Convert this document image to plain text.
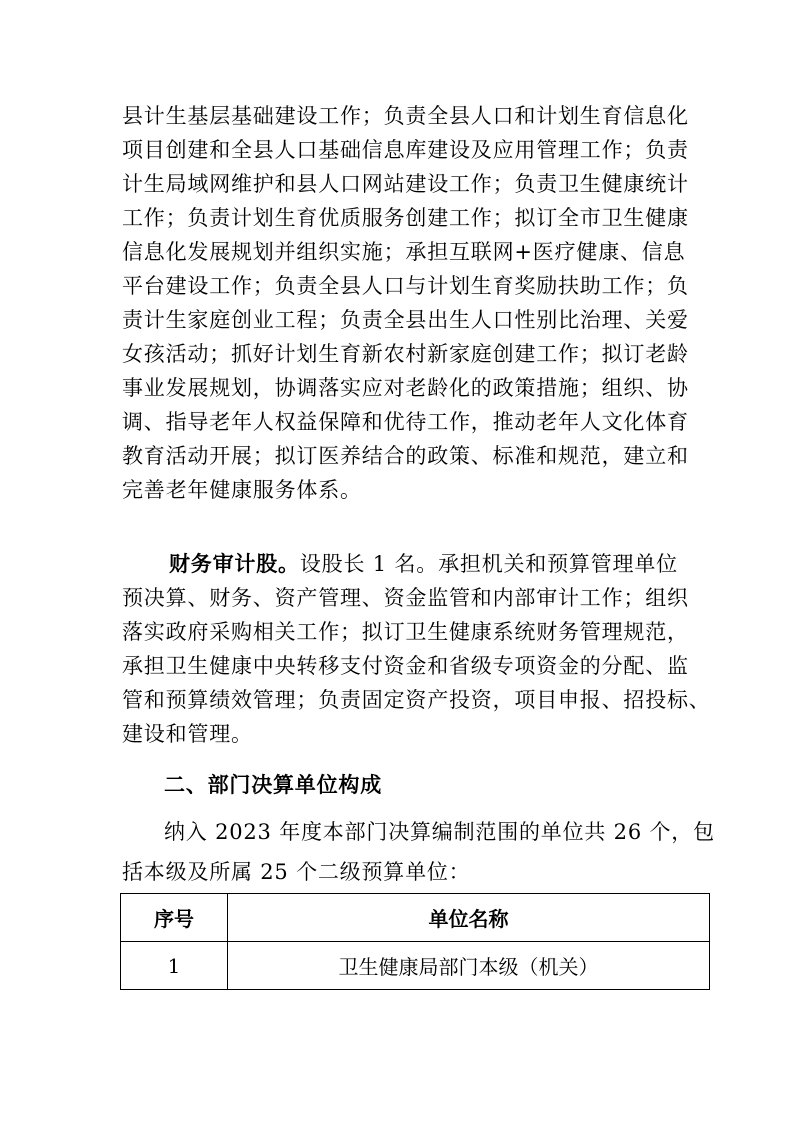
县计生基层基础建设工作；负责全县人口和计划生育信息化
项目创建和全县人口基础信息库建设及应用管理工作；负责
计生局域网维护和县人口网站建设工作；负责卫生健康统计
工作；负责计划生育优质服务创建工作；拟订全市卫生健康
信息化发展规划并组织实施；承担互联网+医疗健康、信息
平台建设工作；负责全县人口与计划生育奖励扶助工作；负
责计生家庭创业工程；负责全县出生人口性别比治理、关爱
女孩活动；抓好计划生育新农村新家庭创建工作；拟订老龄
事业发展规划，协调落实应对老龄化的政策措施；组织、协
调、指导老年人权益保障和优待工作，推动老年人文化体育
教育活动开展；拟订医养结合的政策、标准和规范，建立和
完善老年健康服务体系。
财务审计股。设股长 1 名。承担机关和预算管理单位
预决算、财务、资产管理、资金监管和内部审计工作；组织
落实政府采购相关工作；拟订卫生健康系统财务管理规范，
承担卫生健康中央转移支付资金和省级专项资金的分配、监
管和预算绩效管理；负责固定资产投资，项目申报、招投标、
建设和管理。
二、部门决算单位构成
纳入 2023 年度本部门决算编制范围的单位共 26 个，包
括本级及所属 25 个二级预算单位：
序号	单位名称
1	卫生健康局部门本级（机关）
